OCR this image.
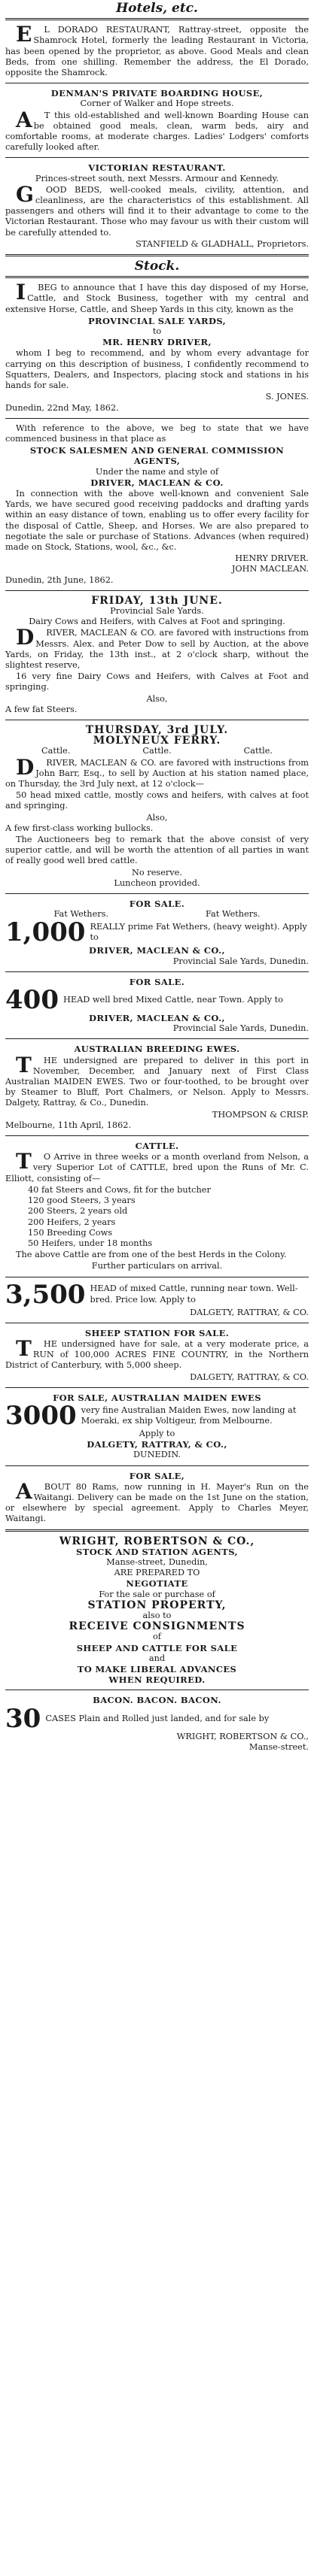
Hotels, etc.
EL DORADO RESTAURANT, Rattray-street, opposite the Shamrock Hotel, formerly the leading Restaurant in Victoria, has been opened by the proprietor, as above. Good Meals and clean Beds, from one shilling. Remember the address, the El Dorado, opposite the Shamrock.
DENMAN'S PRIVATE BOARDING HOUSE,
Corner of Walker and Hope streets.
AT this old-established and well-known Boarding House can be obtained good meals, clean, warm beds, airy and comfortable rooms, at moderate charges. Ladies' Lodgers' comforts carefully looked after.
VICTORIAN RESTAURANT.
Princes-street south, next Messrs. Armour and Kennedy.
GOOD BEDS, well-cooked meals, civility, attention, and cleanliness, are the characteristics of this establishment. All passengers and others will find it to their advantage to come to the Victorian Restaurant. Those who may favour us with their custom will be carefully attended to.
STANFIELD & GLADHALL, Proprietors.
Stock.
IBEG to announce that I have this day disposed of my Horse, Cattle, and Stock Business, together with my central and extensive Horse, Cattle, and Sheep Yards in this city, known as the
PROVINCIAL SALE YARDS,
to
MR. HENRY DRIVER,
whom I beg to recommend, and by whom every advantage for carrying on this description of business, I confidently recommend to Squatters, Dealers, and Inspectors, placing stock and stations in his hands for sale.
S. JONES.
Dunedin, 22nd May, 1862.
With reference to the above, we beg to state that we have commenced business in that place as
STOCK SALESMEN AND GENERAL COMMISSION AGENTS,
Under the name and style of
DRIVER, MACLEAN & CO.
In connection with the above well-known and convenient Sale Yards, we have secured good receiving paddocks and drafting yards within an easy distance of town, enabling us to offer every facility for the disposal of Cattle, Sheep, and Horses. We are also prepared to negotiate the sale or purchase of Stations. Advances (when required) made on Stock, Stations, wool, &c., &c.
HENRY DRIVER.
JOHN MACLEAN.
Dunedin, 2th June, 1862.
FRIDAY, 13th JUNE.
Provincial Sale Yards.
Dairy Cows and Heifers, with Calves at Foot and springing.
DRIVER, MACLEAN & CO. are favored with instructions from Messrs. Alex. and Peter Dow to sell by Auction, at the above Yards, on Friday, the 13th inst., at 2 o'clock sharp, without the slightest reserve,
16 very fine Dairy Cows and Heifers, with Calves at Foot and springing.
Also,
A few fat Steers.
THURSDAY, 3rd JULY.
MOLYNEUX FERRY.
Cattle.	Cattle.	Cattle.
DRIVER, MACLEAN & CO. are favored with instructions from John Barr, Esq., to sell by Auction at his station named place, on Thursday, the 3rd July next, at 12 o'clock—
50 head mixed cattle, mostly cows and heifers, with calves at foot and springing.
Also,
A few first-class working bullocks.
The Auctioneers beg to remark that the above consist of very superior cattle, and will be worth the attention of all parties in want of really good well bred cattle.
No reserve.
Luncheon provided.
FOR SALE.
Fat Wethers.	Fat Wethers.
1,000 REALLY prime Fat Wethers, (heavy weight). Apply to
DRIVER, MACLEAN & CO.,
Provincial Sale Yards, Dunedin.
FOR SALE.
400 HEAD well bred Mixed Cattle, near Town. Apply to
DRIVER, MACLEAN & CO.,
Provincial Sale Yards, Dunedin.
AUSTRALIAN BREEDING EWES.
THE undersigned are prepared to deliver in this port in November, December, and January next of First Class Australian MAIDEN EWES. Two or four-toothed, to be brought over by Steamer to Bluff, Port Chalmers, or Nelson. Apply to Messrs. Dalgety, Rattray, & Co., Dunedin.
THOMPSON & CRISP.
Melbourne, 11th April, 1862.
CATTLE.
TO Arrive in three weeks or a month overland from Nelson, a very Superior Lot of CATTLE, bred upon the Runs of Mr. C. Elliott, consisting of—
40 fat Steers and Cows, fit for the butcher
120 good Steers, 3 years
200 Steers, 2 years old
200 Heifers, 2 years
150 Breeding Cows
50 Heifers, under 18 months
The above Cattle are from one of the best Herds in the Colony.
Further particulars on arrival.
3,500 HEAD of mixed Cattle, running near town. Well-bred. Price low. Apply to
DALGETY, RATTRAY, & CO.
SHEEP STATION FOR SALE.
THE undersigned have for sale, at a very moderate price, a RUN of 100,000 ACRES FINE COUNTRY, in the Northern District of Canterbury, with 5,000 sheep.
DALGETY, RATTRAY, & CO.
FOR SALE, AUSTRALIAN MAIDEN EWES
3000 very fine Australian Maiden Ewes, now landing at Moeraki, ex ship Voltigeur, from Melbourne.
Apply to
DALGETY, RATTRAY, & CO.,
DUNEDIN.
FOR SALE,
ABOUT 80 Rams, now running in H. Mayer's Run on the Waitangi. Delivery can be made on the 1st June on the station, or elsewhere by special agreement. Apply to Charles Meyer, Waitangi.
WRIGHT, ROBERTSON & CO.,
STOCK AND STATION AGENTS,
Manse-street, Dunedin,
ARE PREPARED TO
NEGOTIATE
For the sale or purchase of
STATION PROPERTY,
also to
RECEIVE CONSIGNMENTS
of
SHEEP AND CATTLE FOR SALE
and
TO MAKE LIBERAL ADVANCES
WHEN REQUIRED.
BACON. BACON. BACON.
30 CASES Plain and Rolled just landed, and for sale by
WRIGHT, ROBERTSON & CO.,
Manse-street.
